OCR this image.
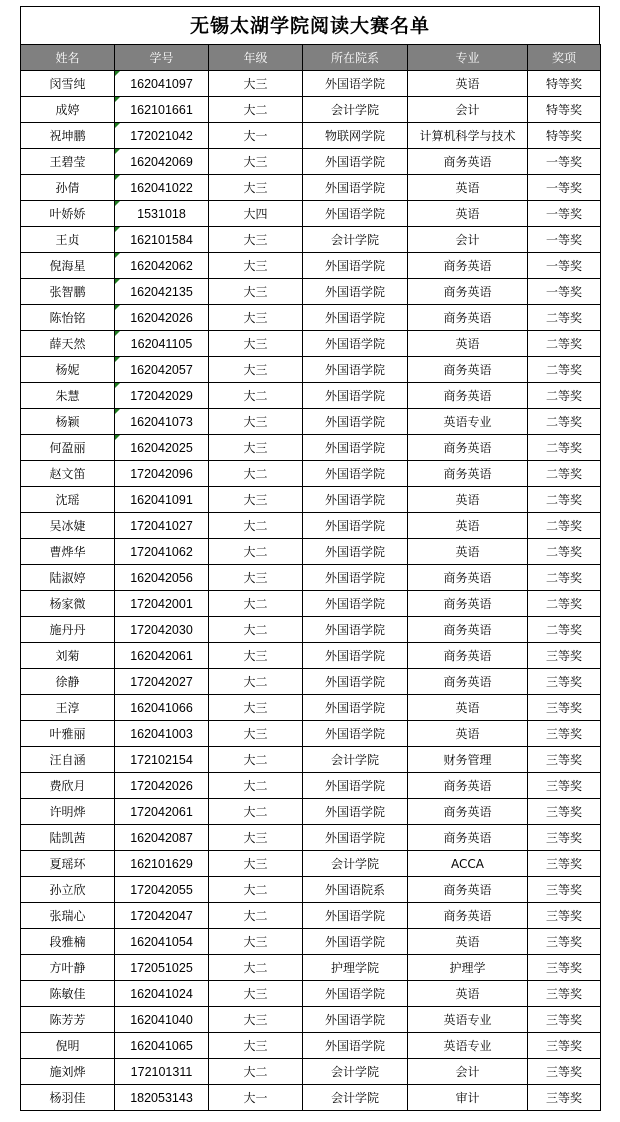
无锡太湖学院阅读大赛名单
姓名	学号	年级	所在院系	专业	奖项
闵雪纯	162041097	大三	外国语学院	英语	特等奖
成婷	162101661	大二	会计学院	会计	特等奖
祝坤鹏	172021042	大一	物联网学院	计算机科学与技术	特等奖
王碧莹	162042069	大三	外国语学院	商务英语	一等奖
孙倩	162041022	大三	外国语学院	英语	一等奖
叶娇娇	1531018	大四	外国语学院	英语	一等奖
王贞	162101584	大三	会计学院	会计	一等奖
倪海星	162042062	大三	外国语学院	商务英语	一等奖
张智鹏	162042135	大三	外国语学院	商务英语	一等奖
陈怡铭	162042026	大三	外国语学院	商务英语	二等奖
薛天然	162041105	大三	外国语学院	英语	二等奖
杨妮	162042057	大三	外国语学院	商务英语	二等奖
朱慧	172042029	大二	外国语学院	商务英语	二等奖
杨颖	162041073	大三	外国语学院	英语专业	二等奖
何盈丽	162042025	大三	外国语学院	商务英语	二等奖
赵文笛	172042096	大二	外国语学院	商务英语	二等奖
沈瑶	162041091	大三	外国语学院	英语	二等奖
吴冰婕	172041027	大二	外国语学院	英语	二等奖
曹烨华	172041062	大二	外国语学院	英语	二等奖
陆淑婷	162042056	大三	外国语学院	商务英语	二等奖
杨家微	172042001	大二	外国语学院	商务英语	二等奖
施丹丹	172042030	大二	外国语学院	商务英语	二等奖
刘菊	162042061	大三	外国语学院	商务英语	三等奖
徐静	172042027	大二	外国语学院	商务英语	三等奖
王淳	162041066	大三	外国语学院	英语	三等奖
叶雅丽	162041003	大三	外国语学院	英语	三等奖
汪自涵	172102154	大二	会计学院	财务管理	三等奖
费欣月	172042026	大二	外国语学院	商务英语	三等奖
许明烨	172042061	大二	外国语学院	商务英语	三等奖
陆凯茜	162042087	大三	外国语学院	商务英语	三等奖
夏瑶环	162101629	大三	会计学院	ACCA	三等奖
孙立欣	172042055	大二	外国语院系	商务英语	三等奖
张瑞心	172042047	大二	外国语学院	商务英语	三等奖
段雅楠	162041054	大三	外国语学院	英语	三等奖
方叶静	172051025	大二	护理学院	护理学	三等奖
陈敏佳	162041024	大三	外国语学院	英语	三等奖
陈芳芳	162041040	大三	外国语学院	英语专业	三等奖
倪明	162041065	大三	外国语学院	英语专业	三等奖
施刘烨	172101311	大二	会计学院	会计	三等奖
杨羽佳	182053143	大一	会计学院	审计	三等奖
